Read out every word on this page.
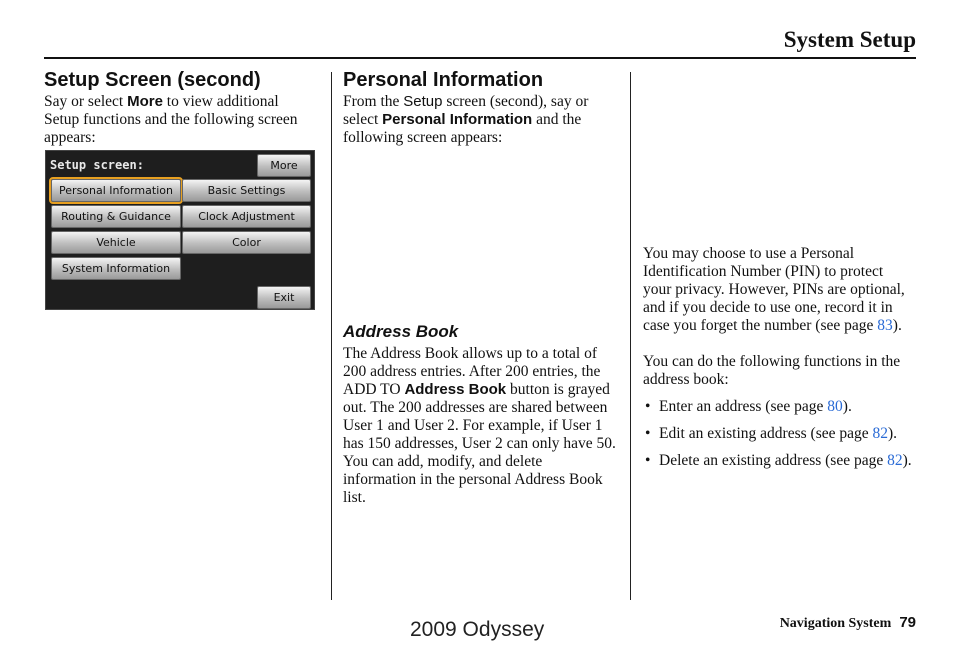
System Setup
Setup Screen (second)

Say or select More to view additional Setup functions and the following screen appears:

Setup screen:	More
Personal Information	Basic Settings
Routing & Guidance	Clock Adjustment
Vehicle	Color
System Information
Exit
Personal Information

From the Setup screen (second), say or select Personal Information and the following screen appears:

Address Book

The Address Book allows up to a total of 200 address entries. After 200 entries, the ADD TO Address Book button is grayed out. The 200 addresses are shared between User 1 and User 2. For example, if User 1 has 150 addresses, User 2 can only have 50.

You can add, modify, and delete information in the personal Address Book list.

You may choose to use a Personal Identification Number (PIN) to protect your privacy. However, PINs are optional, and if you decide to use one, record it in case you forget the number (see page 83).

You can do the following functions in the address book:

• Enter an address (see page 80).
• Edit an existing address (see page 82).
• Delete an existing address (see page 82).
Navigation System 79
2009 Odyssey
